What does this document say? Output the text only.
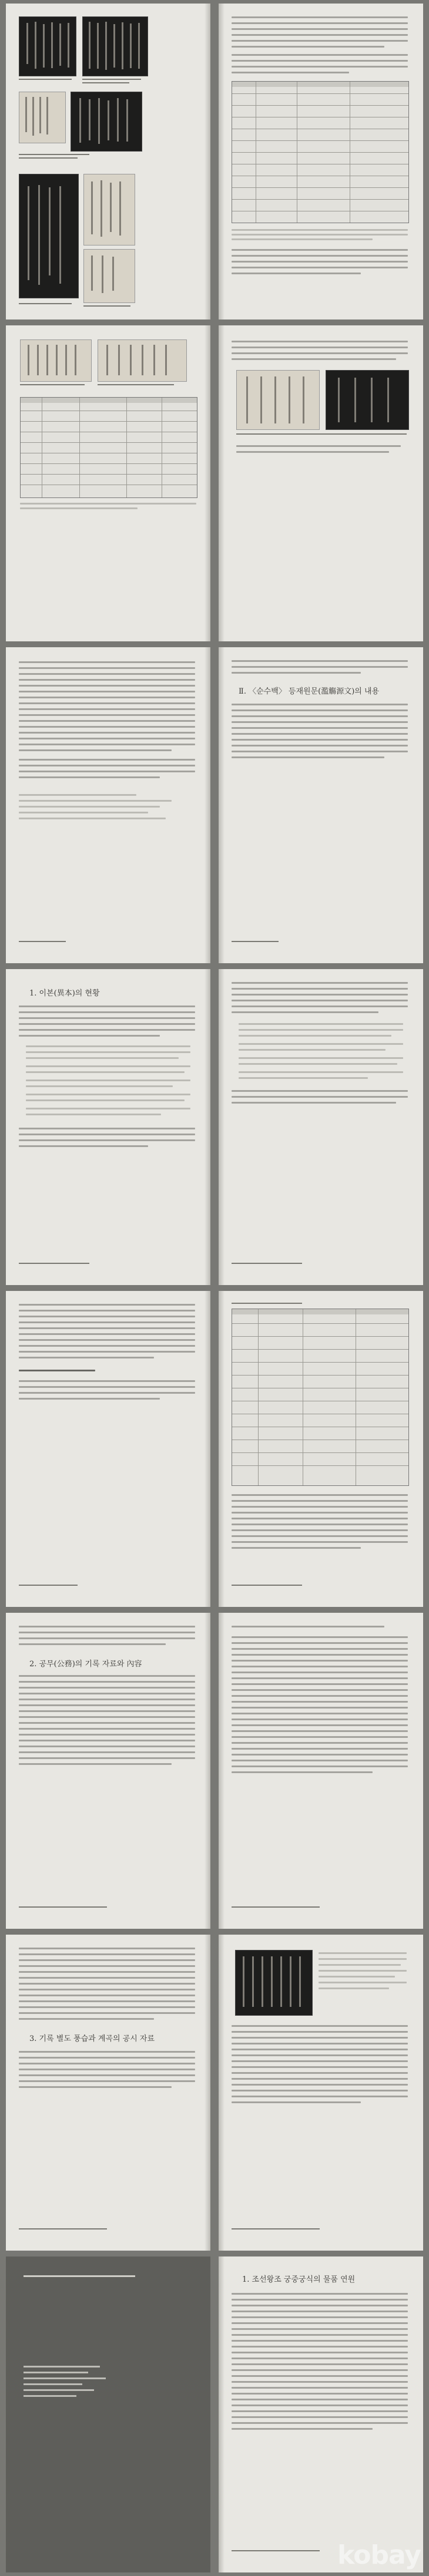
Ⅱ. 〈순수백〉 등재원문(濫觴源文)의 내용
1. 이본(異本)의 현황
2. 공무(公務)의 기록 자료와 內容
3. 기록 별도 풍습과 계곡의 공시 자료
1. 조선왕조 궁중궁식의 물품 연원
kobay
